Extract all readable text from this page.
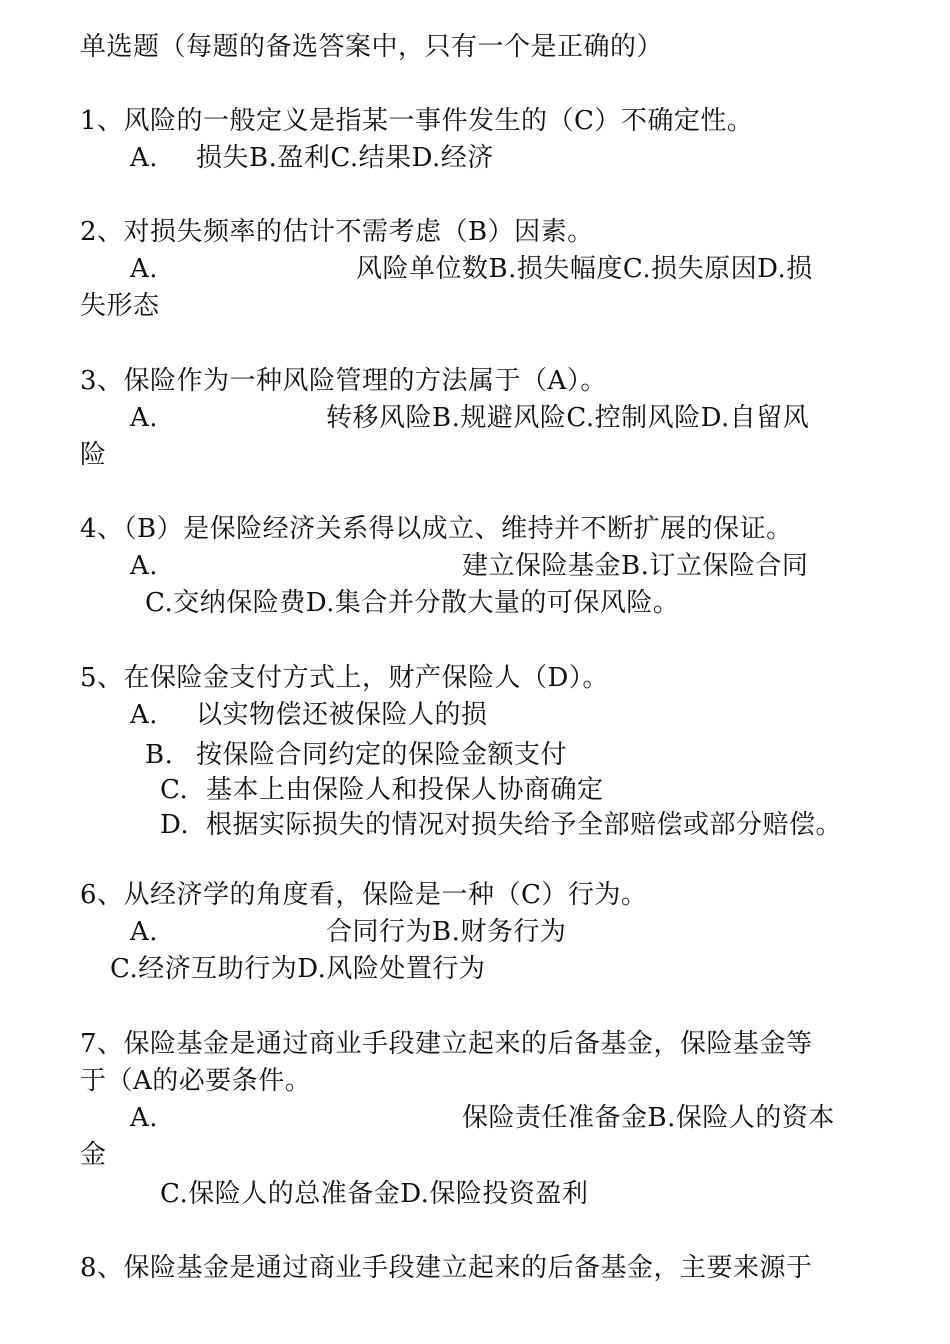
单选题（每题的备选答案中，只有一个是正确的）
1、风险的一般定义是指某一事件发生的（C）不确定性。
A. 损失B.盈利C.结果D.经济
2、对损失频率的估计不需考虑（B）因素。
A.	风险单位数B.损失幅度C.损失原因D.损
失形态
3、保险作为一种风险管理的方法属于（A）。
A.	转移风险B.规避风险C.控制风险D.自留风
险
4、（B）是保险经济关系得以成立、维持并不断扩展的保证。
A.	建立保险基金B.订立保险合同
C.交纳保险费D.集合并分散大量的可保风险。
5、在保险金支付方式上，财产保险人（D）。
A. 以实物偿还被保险人的损
B. 按保险合同约定的保险金额支付
C. 基本上由保险人和投保人协商确定
D. 根据实际损失的情况对损失给予全部赔偿或部分赔偿。
6、从经济学的角度看，保险是一种（C）行为。
A.	合同行为B.财务行为
C.经济互助行为D.风险处置行为
7、保险基金是通过商业手段建立起来的后备基金，保险基金等
于（A的必要条件。
A.	保险责任准备金B.保险人的资本
金
C.保险人的总准备金D.保险投资盈利
8、保险基金是通过商业手段建立起来的后备基金，主要来源于
